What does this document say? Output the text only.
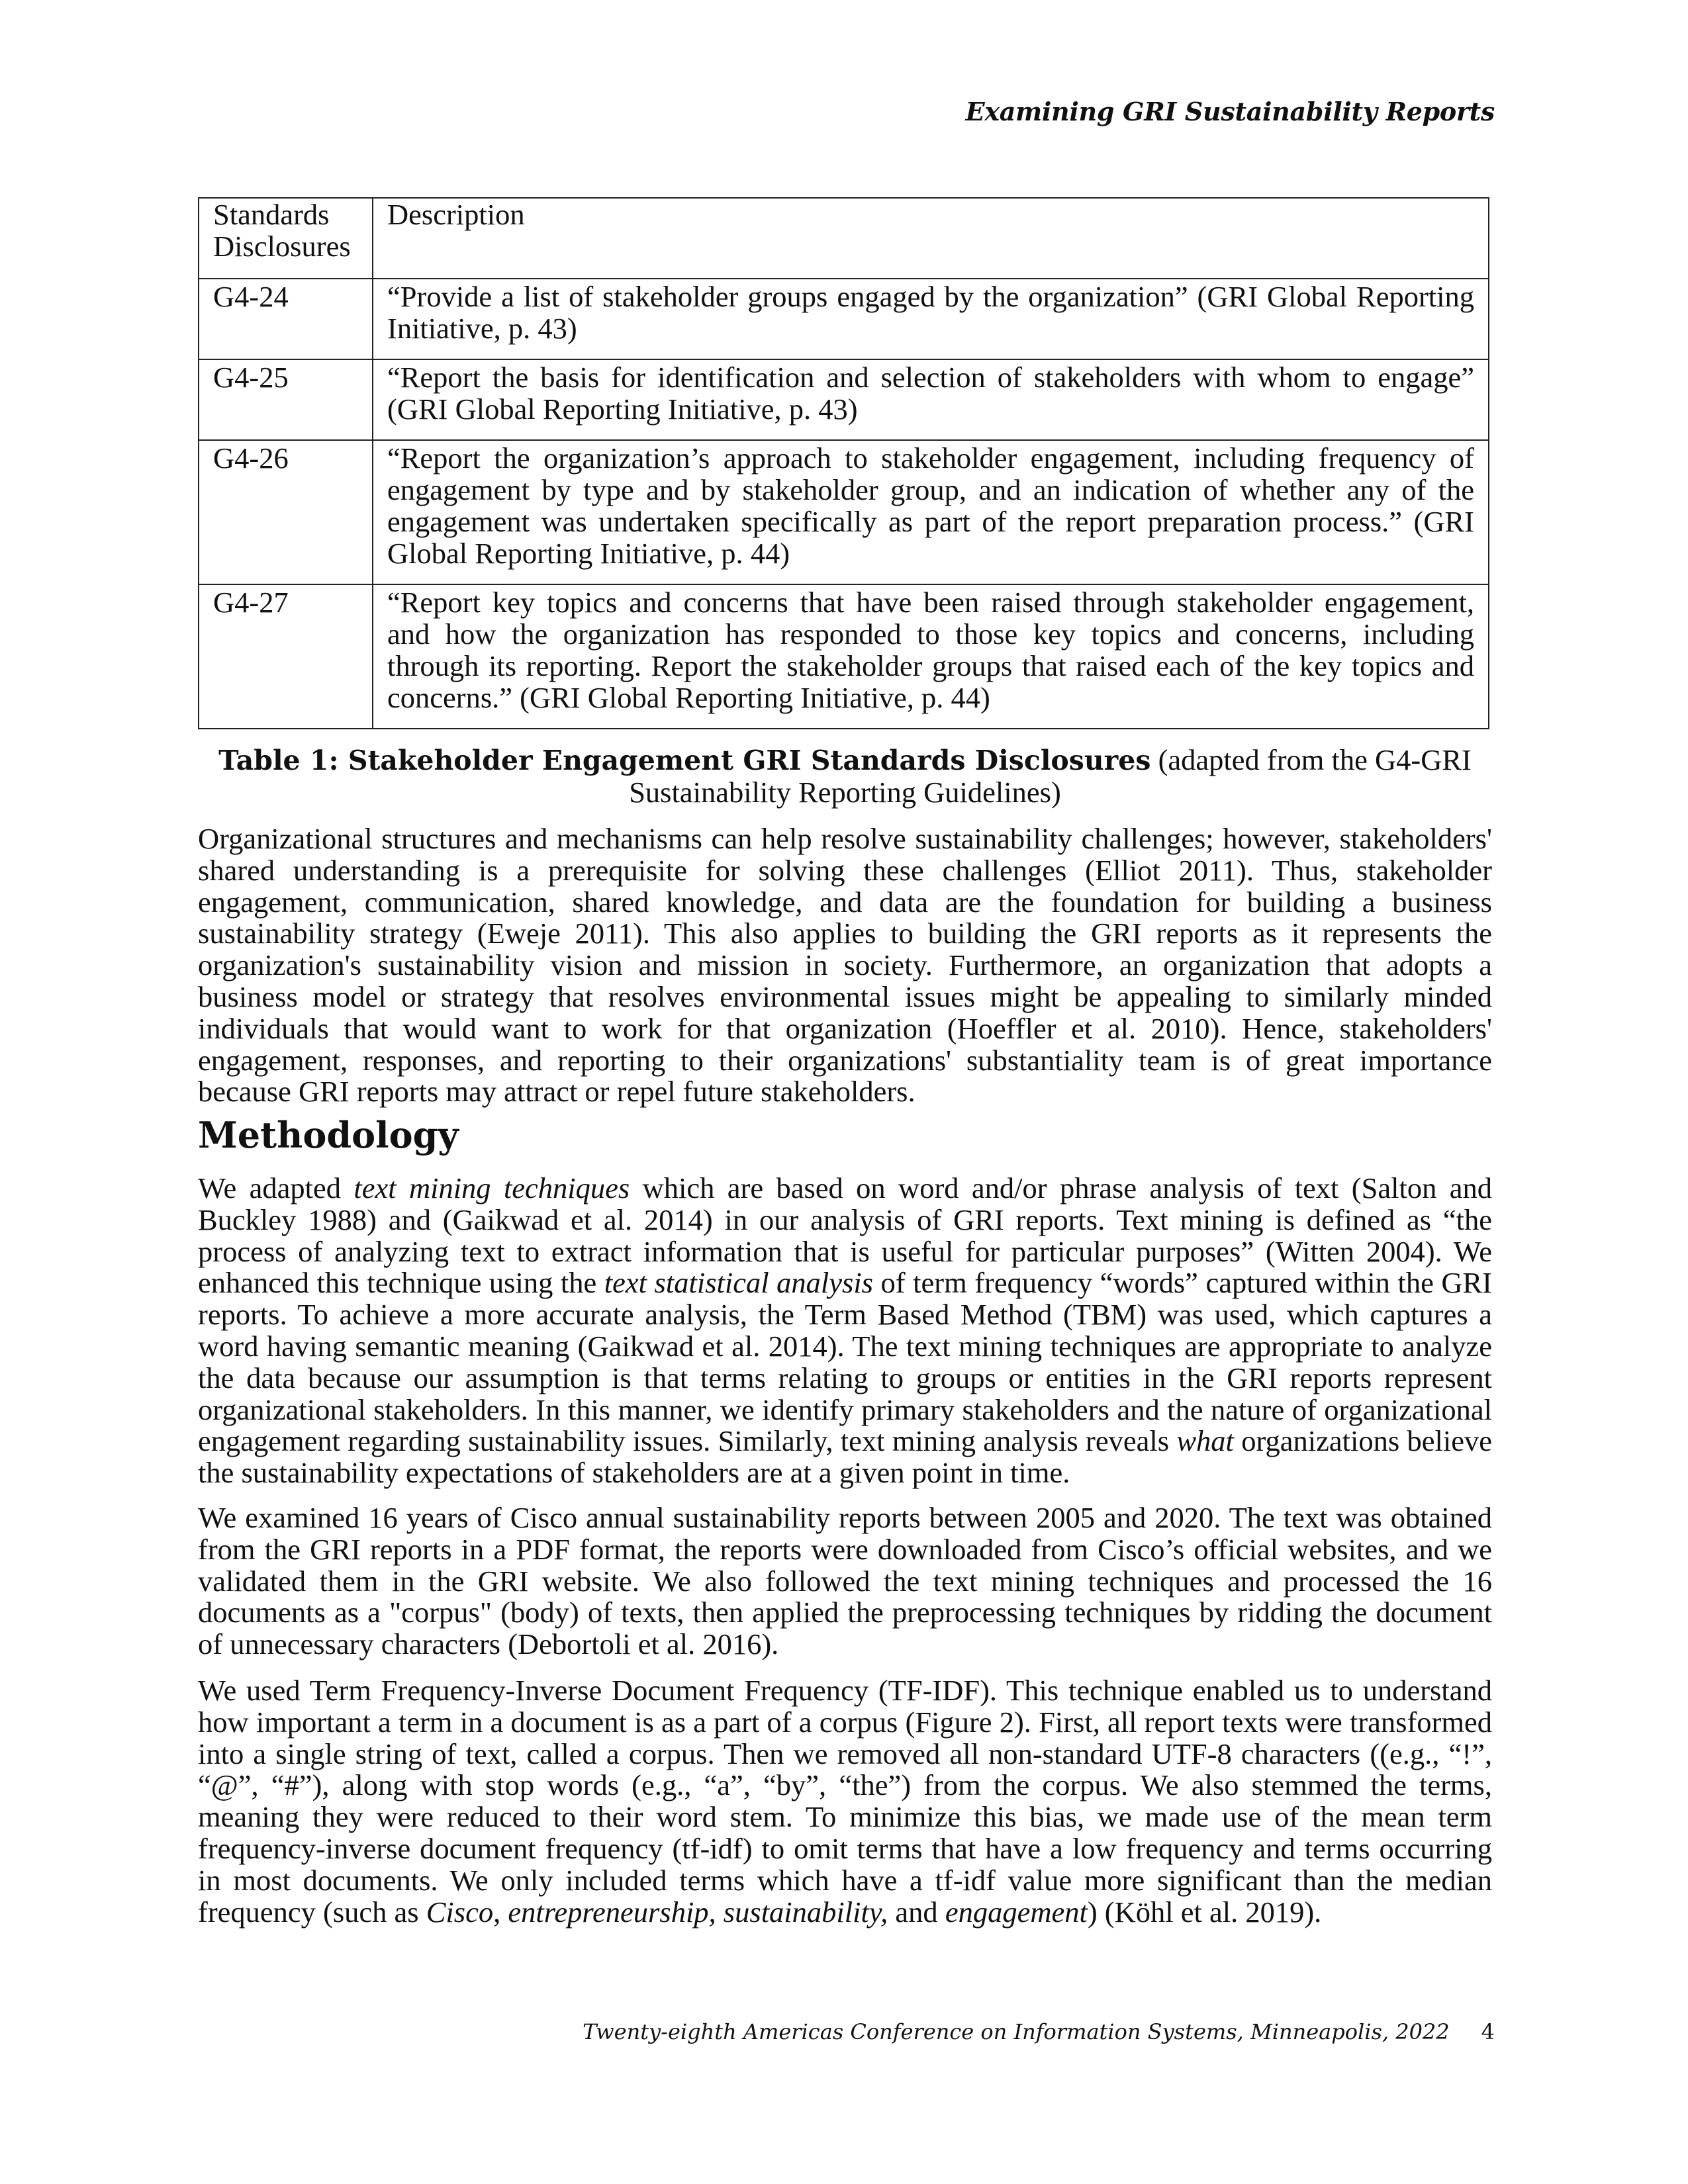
Examining GRI Sustainability Reports
Standards Disclosures	Description

G4-24	“Provide a list of stakeholder groups engaged by the organization” (GRI Global Reporting Initiative, p. 43)

G4-25	“Report the basis for identification and selection of stakeholders with whom to engage” (GRI Global Reporting Initiative, p. 43)

G4-26	“Report the organization’s approach to stakeholder engagement, including frequency of engagement by type and by stakeholder group, and an indication of whether any of the engagement was undertaken specifically as part of the report preparation process.” (GRI Global Reporting Initiative, p. 44)

G4-27	“Report key topics and concerns that have been raised through stakeholder engagement, and how the organization has responded to those key topics and concerns, including through its reporting. Report the stakeholder groups that raised each of the key topics and concerns.” (GRI Global Reporting Initiative, p. 44)
Table 1: Stakeholder Engagement GRI Standards Disclosures (adapted from the G4-GRI Sustainability Reporting Guidelines)
Organizational structures and mechanisms can help resolve sustainability challenges; however, stakeholders' shared understanding is a prerequisite for solving these challenges (Elliot 2011). Thus, stakeholder engagement, communication, shared knowledge, and data are the foundation for building a business sustainability strategy (Eweje 2011). This also applies to building the GRI reports as it represents the organization's sustainability vision and mission in society. Furthermore, an organization that adopts a business model or strategy that resolves environmental issues might be appealing to similarly minded individuals that would want to work for that organization (Hoeffler et al. 2010). Hence, stakeholders' engagement, responses, and reporting to their organizations' substantiality team is of great importance because GRI reports may attract or repel future stakeholders.
Methodology
We adapted text mining techniques which are based on word and/or phrase analysis of text (Salton and Buckley 1988) and (Gaikwad et al. 2014) in our analysis of GRI reports. Text mining is defined as “the process of analyzing text to extract information that is useful for particular purposes” (Witten 2004). We enhanced this technique using the text statistical analysis of term frequency “words” captured within the GRI reports. To achieve a more accurate analysis, the Term Based Method (TBM) was used, which captures a word having semantic meaning (Gaikwad et al. 2014). The text mining techniques are appropriate to analyze the data because our assumption is that terms relating to groups or entities in the GRI reports represent organizational stakeholders. In this manner, we identify primary stakeholders and the nature of organizational engagement regarding sustainability issues. Similarly, text mining analysis reveals what organizations believe the sustainability expectations of stakeholders are at a given point in time.
We examined 16 years of Cisco annual sustainability reports between 2005 and 2020. The text was obtained from the GRI reports in a PDF format, the reports were downloaded from Cisco’s official websites, and we validated them in the GRI website. We also followed the text mining techniques and processed the 16 documents as a "corpus" (body) of texts, then applied the preprocessing techniques by ridding the document of unnecessary characters (Debortoli et al. 2016).
We used Term Frequency-Inverse Document Frequency (TF-IDF). This technique enabled us to understand how important a term in a document is as a part of a corpus (Figure 2). First, all report texts were transformed into a single string of text, called a corpus. Then we removed all non-standard UTF-8 characters ((e.g., “!”, “@”, “#”), along with stop words (e.g., “a”, “by”, “the”) from the corpus. We also stemmed the terms, meaning they were reduced to their word stem. To minimize this bias, we made use of the mean term frequency-inverse document frequency (tf-idf) to omit terms that have a low frequency and terms occurring in most documents. We only included terms which have a tf-idf value more significant than the median frequency (such as Cisco, entrepreneurship, sustainability, and engagement) (Köhl et al. 2019).
Twenty-eighth Americas Conference on Information Systems, Minneapolis, 2022 4
